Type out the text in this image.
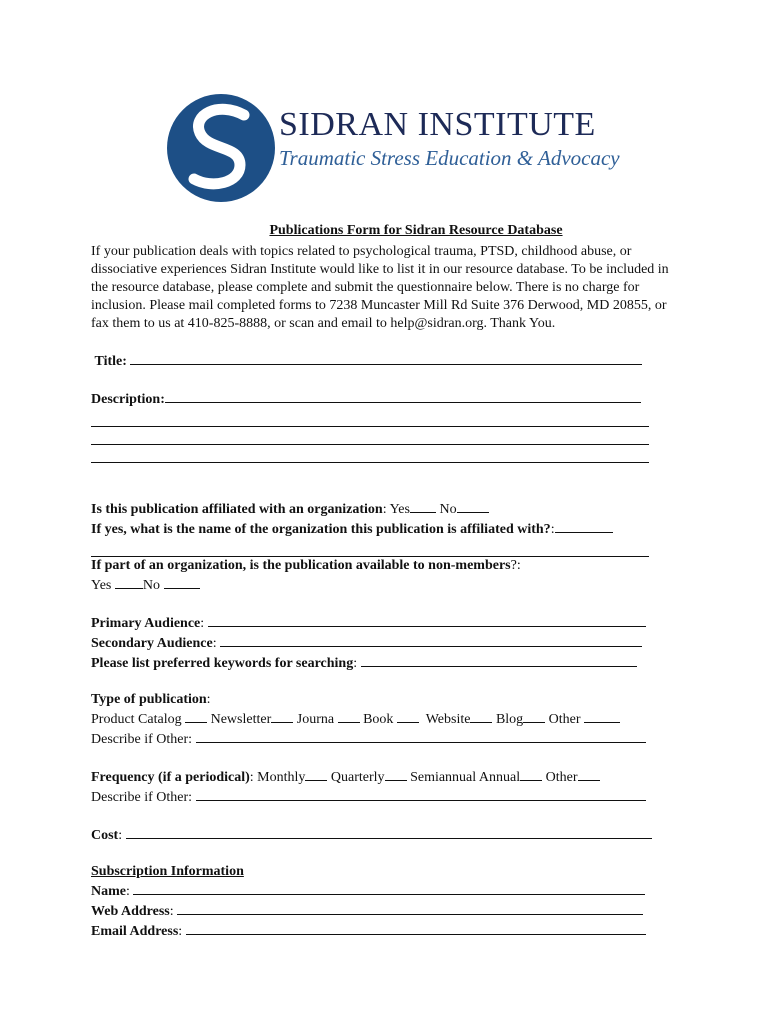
SIDRAN INSTITUTE
Traumatic Stress Education & Advocacy
Publications Form for Sidran Resource Database

If your publication deals with topics related to psychological trauma, PTSD, childhood abuse, or dissociative experiences Sidran Institute would like to list it in our resource database. To be included in the resource database, please complete and submit the questionnaire below. There is no charge for inclusion. Please mail completed forms to 7238 Muncaster Mill Rd Suite 376 Derwood, MD 20855, or fax them to us at 410-825-8888, or scan and email to help@sidran.org. Thank You.

Title:
Description:
Is this publication affiliated with an organization: Yes No
If yes, what is the name of the organization this publication is affiliated with?:
If part of an organization, is the publication available to non-members?:
Yes No
Primary Audience:
Secondary Audience:
Please list preferred keywords for searching:
Type of publication:
Product Catalog Newsletter Journa Book Website Blog Other
Describe if Other:
Frequency (if a periodical): Monthly Quarterly Semiannual Annual Other
Describe if Other:
Cost:
Subscription Information
Name:
Web Address:
Email Address:
